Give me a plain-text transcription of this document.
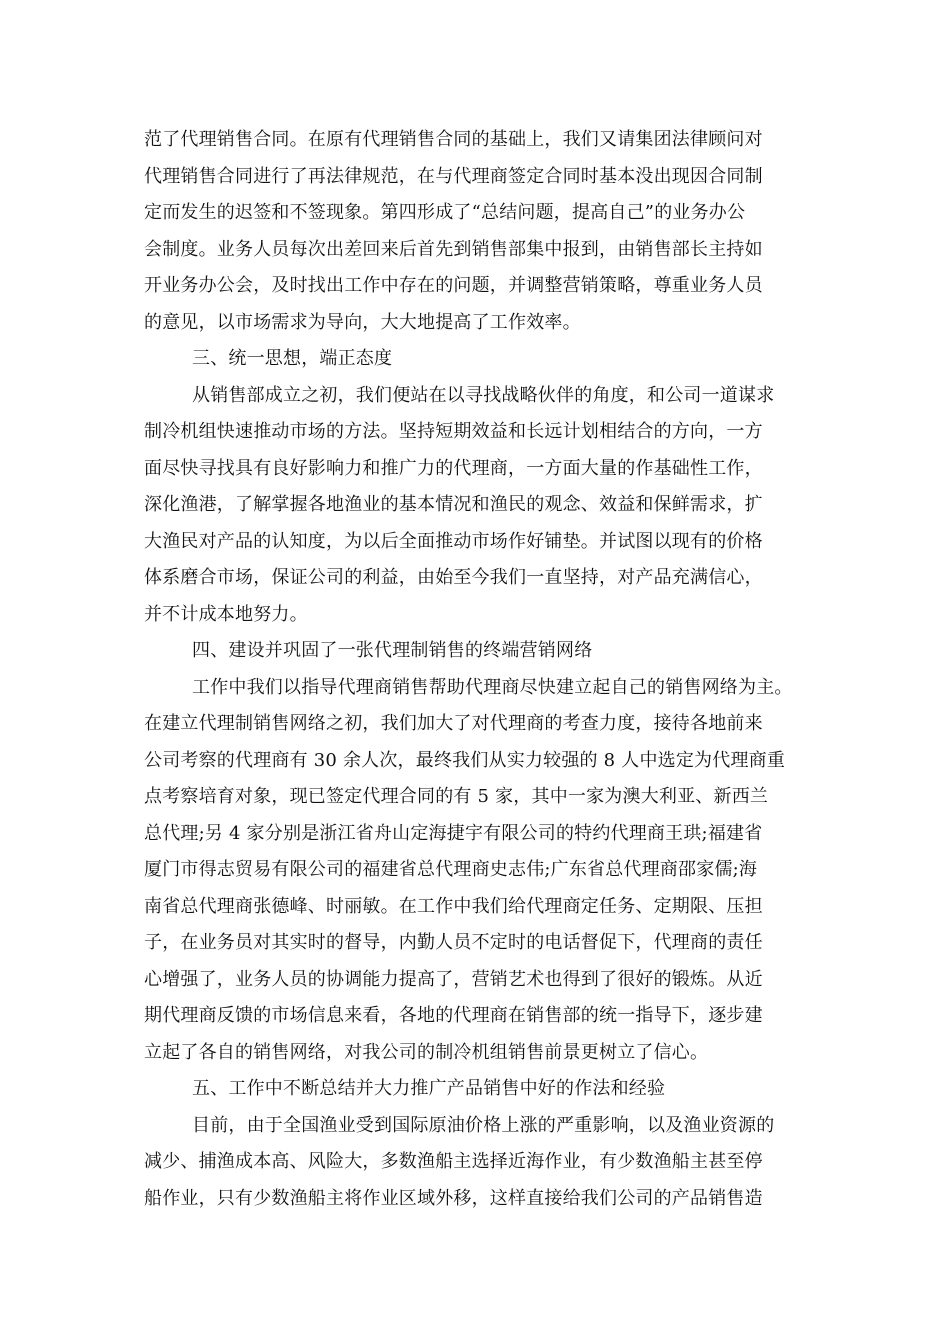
范了代理销售合同。在原有代理销售合同的基础上，我们又请集团法律顾问对
代理销售合同进行了再法律规范，在与代理商签定合同时基本没出现因合同制
定而发生的迟签和不签现象。第四形成了“总结问题，提高自己”的业务办公
会制度。业务人员每次出差回来后首先到销售部集中报到，由销售部长主持如
开业务办公会，及时找出工作中存在的问题，并调整营销策略，尊重业务人员
的意见，以市场需求为导向，大大地提高了工作效率。
三、统一思想，端正态度
从销售部成立之初，我们便站在以寻找战略伙伴的角度，和公司一道谋求
制冷机组快速推动市场的方法。坚持短期效益和长远计划相结合的方向，一方
面尽快寻找具有良好影响力和推广力的代理商，一方面大量的作基础性工作，
深化渔港，了解掌握各地渔业的基本情况和渔民的观念、效益和保鲜需求，扩
大渔民对产品的认知度，为以后全面推动市场作好铺垫。并试图以现有的价格
体系磨合市场，保证公司的利益，由始至今我们一直坚持，对产品充满信心，
并不计成本地努力。
四、建设并巩固了一张代理制销售的终端营销网络
工作中我们以指导代理商销售帮助代理商尽快建立起自己的销售网络为主。
在建立代理制销售网络之初，我们加大了对代理商的考查力度，接待各地前来
公司考察的代理商有 30 余人次，最终我们从实力较强的 8 人中选定为代理商重
点考察培育对象，现已签定代理合同的有 5 家，其中一家为澳大利亚、新西兰
总代理;另 4 家分别是浙江省舟山定海捷宇有限公司的特约代理商王珙;福建省
厦门市得志贸易有限公司的福建省总代理商史志伟;广东省总代理商邵家儒;海
南省总代理商张德峰、时丽敏。在工作中我们给代理商定任务、定期限、压担
子，在业务员对其实时的督导，内勤人员不定时的电话督促下，代理商的责任
心增强了，业务人员的协调能力提高了，营销艺术也得到了很好的锻炼。从近
期代理商反馈的市场信息来看，各地的代理商在销售部的统一指导下，逐步建
立起了各自的销售网络，对我公司的制冷机组销售前景更树立了信心。
五、工作中不断总结并大力推广产品销售中好的作法和经验
目前，由于全国渔业受到国际原油价格上涨的严重影响，以及渔业资源的
减少、捕渔成本高、风险大，多数渔船主选择近海作业，有少数渔船主甚至停
船作业，只有少数渔船主将作业区域外移，这样直接给我们公司的产品销售造
